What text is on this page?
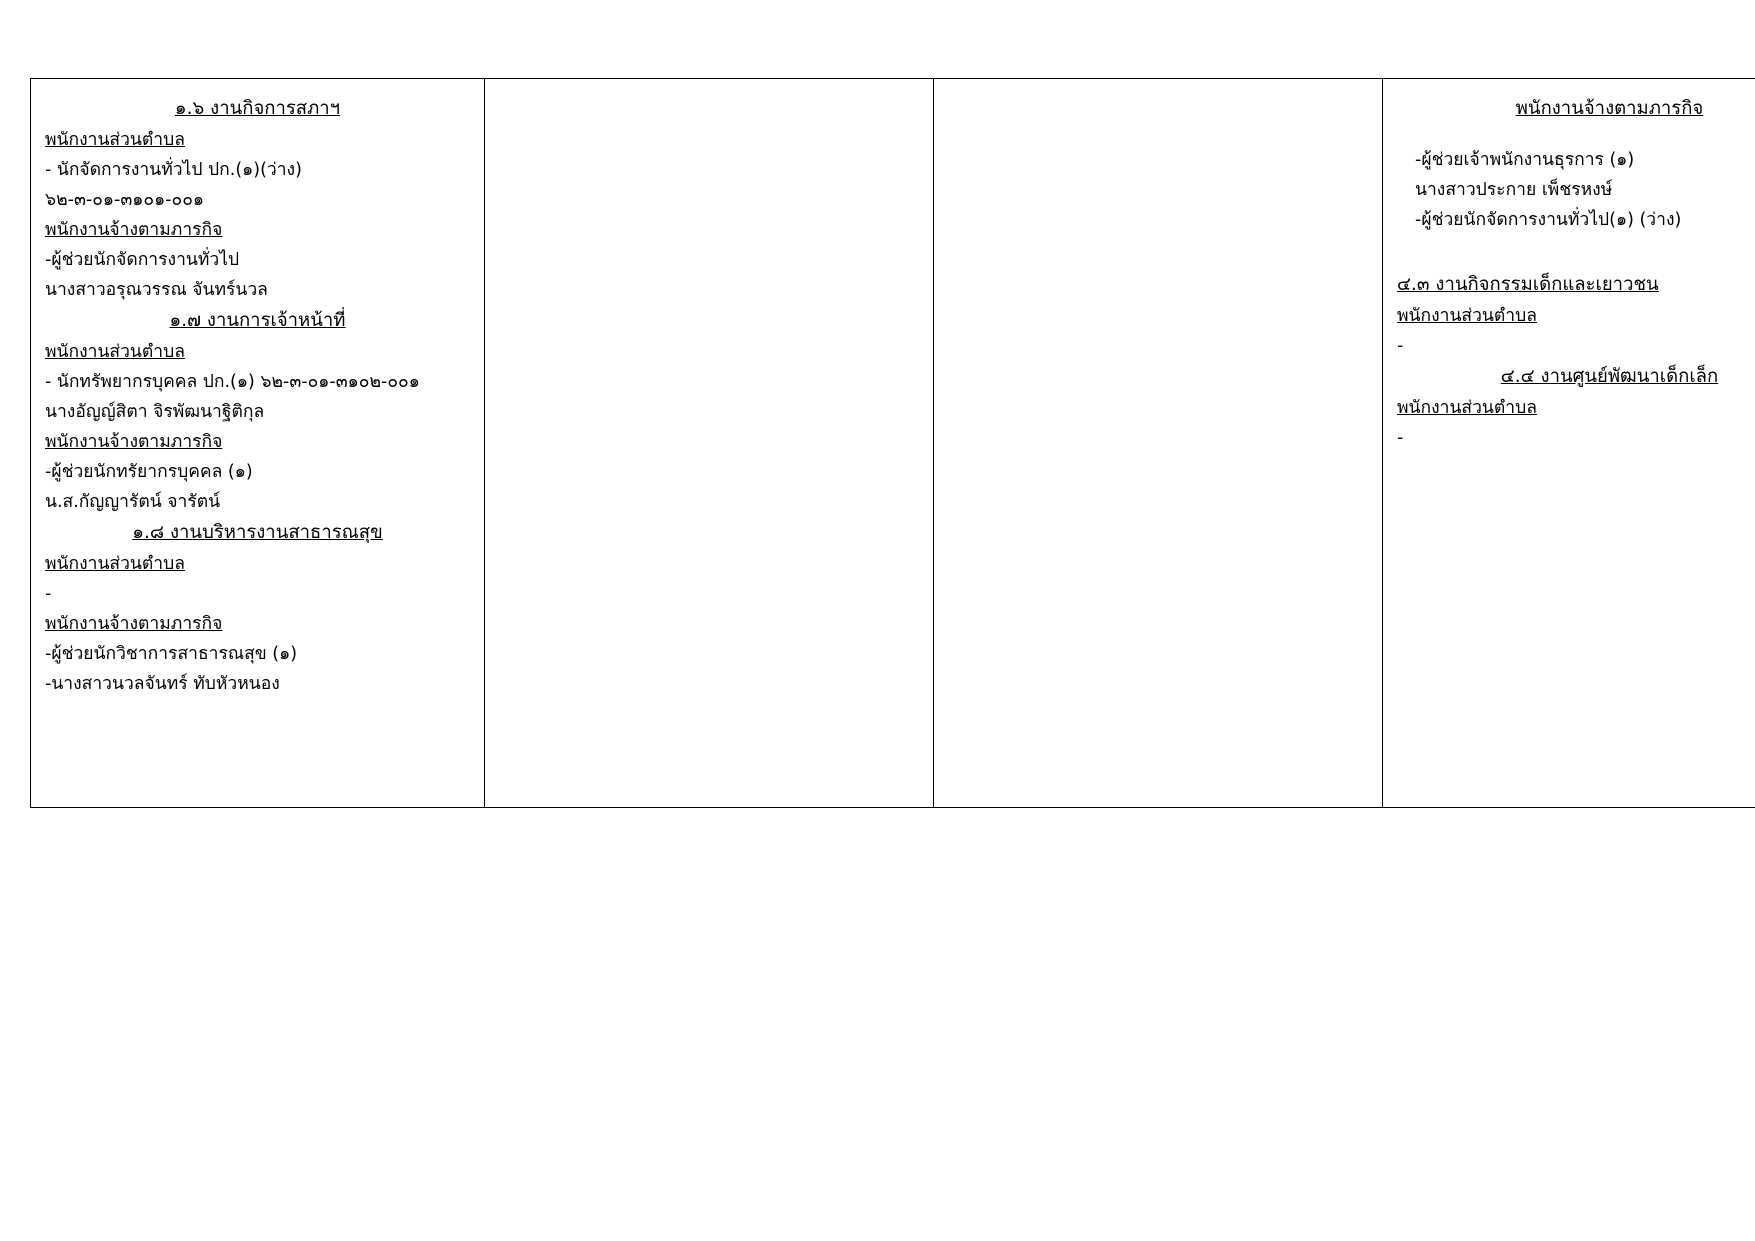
๑.๖ งานกิจการสภาฯ
พนักงานส่วนตำบล
- นักจัดการงานทั่วไป ปก.(๑)(ว่าง)
๖๒-๓-๐๑-๓๑๐๑-๐๐๑
พนักงานจ้างตามภารกิจ
-ผู้ช่วยนักจัดการงานทั่วไป
นางสาวอรุณวรรณ จันทร์นวล
๑.๗ งานการเจ้าหน้าที่
พนักงานส่วนตำบล
- นักทรัพยากรบุคคล ปก.(๑) ๖๒-๓-๐๑-๓๑๐๒-๐๐๑
นางอัญญ์สิตา จิรพัฒนาฐิติกุล
พนักงานจ้างตามภารกิจ
-ผู้ช่วยนักทรัยากรบุคคล (๑)
น.ส.กัญญารัตน์ จารัตน์
๑.๘ งานบริหารงานสาธารณสุข
พนักงานส่วนตำบล
-
พนักงานจ้างตามภารกิจ
-ผู้ช่วยนักวิชาการสาธารณสุข (๑)
-นางสาวนวลจันทร์ ทับหัวหนอง

พนักงานจ้างตามภารกิจ
-ผู้ช่วยเจ้าพนักงานธุรการ (๑)
นางสาวประกาย เพ็ชรหงษ์
-ผู้ช่วยนักจัดการงานทั่วไป(๑) (ว่าง)
๔.๓ งานกิจกรรมเด็กและเยาวชน
พนักงานส่วนตำบล
-
๔.๔ งานศูนย์พัฒนาเด็กเล็ก
พนักงานส่วนตำบล
-
